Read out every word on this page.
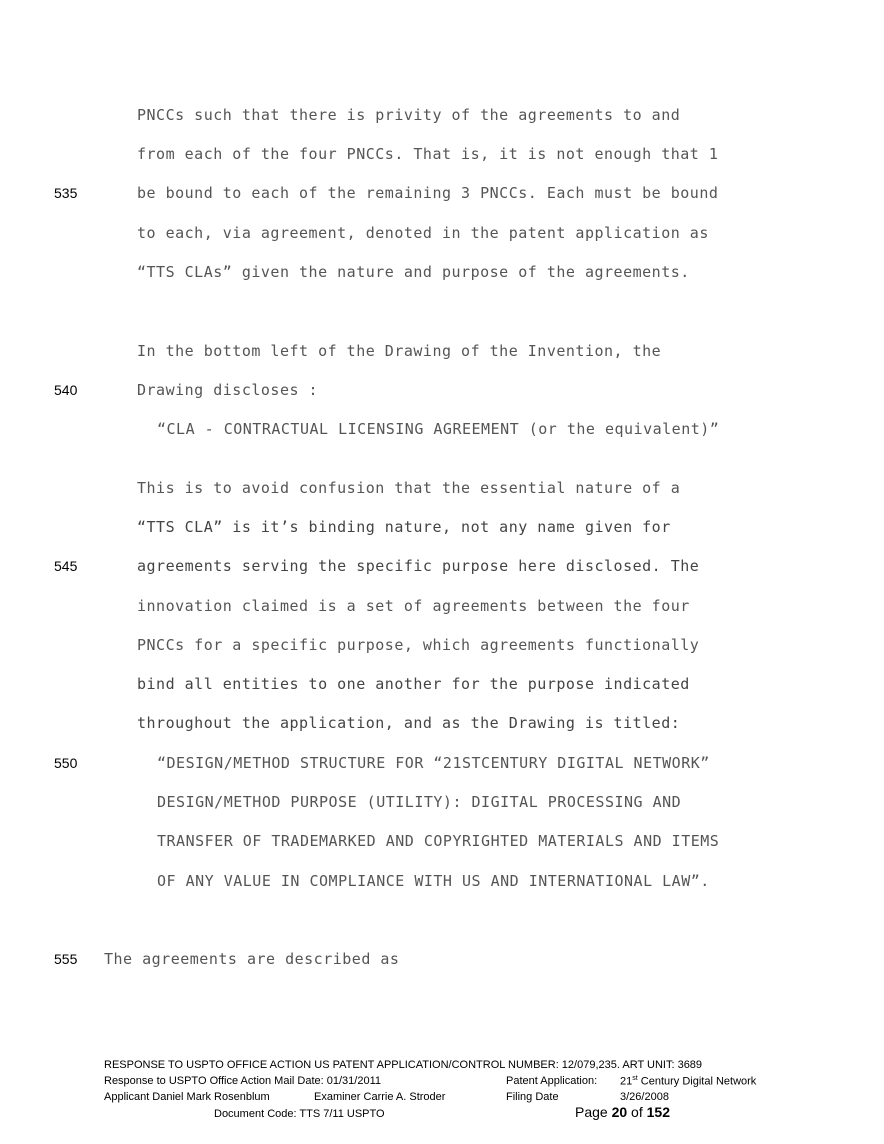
PNCCs such that there is privity of the agreements to and
from each of the four PNCCs. That is, it is not enough that 1
be bound to each of the remaining 3 PNCCs. Each must be bound
to each, via agreement, denoted in the patent application as
“TTS CLAs” given the nature and purpose of the agreements.
In the bottom left of the Drawing of the Invention, the
Drawing discloses :
“CLA - CONTRACTUAL LICENSING AGREEMENT (or the equivalent)”
This is to avoid confusion that the essential nature of a
“TTS CLA” is it’s binding nature, not any name given for
agreements serving the specific purpose here disclosed. The
innovation claimed is a set of agreements between the four
PNCCs for a specific purpose, which agreements functionally
bind all entities to one another for the purpose indicated
throughout the application, and as the Drawing is titled:
“DESIGN/METHOD STRUCTURE FOR “21STCENTURY DIGITAL NETWORK”
DESIGN/METHOD PURPOSE (UTILITY): DIGITAL PROCESSING AND
TRANSFER OF TRADEMARKED AND COPYRIGHTED MATERIALS AND ITEMS
OF ANY VALUE IN COMPLIANCE WITH US AND INTERNATIONAL LAW”.
The agreements are described as
535
540
545
550
555
RESPONSE TO USPTO OFFICE ACTION US PATENT APPLICATION/CONTROL NUMBER: 12/079,235. ART UNIT: 3689
Response to USPTO Office Action Mail Date: 01/31/2011	Patent Application: 21st Century Digital Network
Applicant Daniel Mark Rosenblum	Examiner Carrie A. Stroder	Filing Date	3/26/2008
Document Code: TTS 7/11 USPTO	Page 20 of 152
